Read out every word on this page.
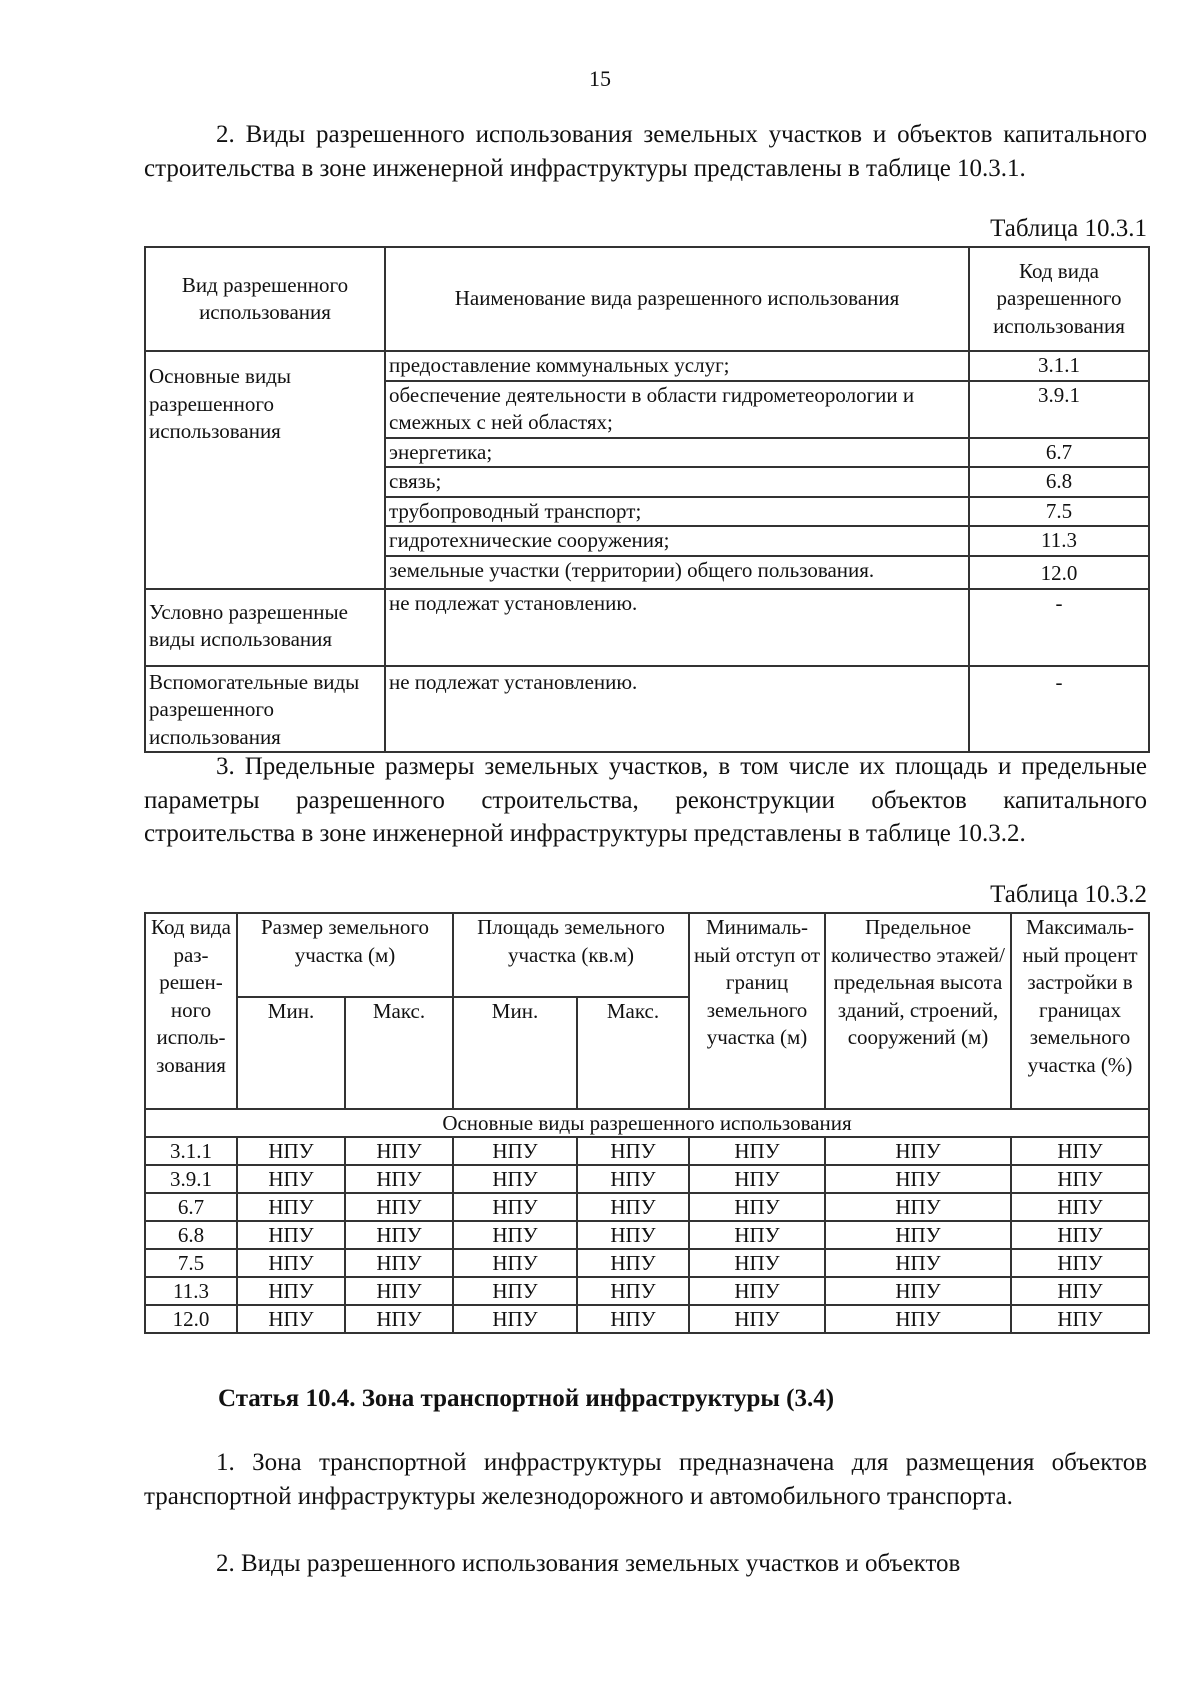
15

2. Виды разрешенного использования земельных участков и объектов капитального строительства в зоне инженерной инфраструктуры представлены в таблице 10.3.1.

Таблица 10.3.1
Вид разрешенного использования	Наименование вида разрешенного использования	Код вида разрешенного использования
Основные виды разрешенного использования	предоставление коммунальных услуг;	3.1.1
	обеспечение деятельности в области гидрометеорологии и смежных с ней областях;	3.9.1
	энергетика;	6.7
	связь;	6.8
	трубопроводный транспорт;	7.5
	гидротехнические сооружения;	11.3
	земельные участки (территории) общего пользования.	12.0
Условно разрешенные виды использования	не подлежат установлению.	-
Вспомогательные виды разрешенного использования	не подлежат установлению.	-

3. Предельные размеры земельных участков, в том числе их площадь и предельные параметры разрешенного строительства, реконструкции объектов капитального строительства в зоне инженерной инфраструктуры представлены в таблице 10.3.2.

Таблица 10.3.2
Код вида раз-решен-ного исполь-зования	Размер земельного участка (м)		Площадь земельного участка (кв.м)		Минималь-ный отступ от границ земельного участка (м)	Предельное количество этажей/ предельная высота зданий, строений, сооружений (м)	Максималь-ный процент застройки в границах земельного участка (%)
	Мин.	Макс.	Мин.	Макс.			
Основные виды разрешенного использования							
3.1.1	НПУ	НПУ	НПУ	НПУ	НПУ	НПУ	НПУ
3.9.1	НПУ	НПУ	НПУ	НПУ	НПУ	НПУ	НПУ
6.7	НПУ	НПУ	НПУ	НПУ	НПУ	НПУ	НПУ
6.8	НПУ	НПУ	НПУ	НПУ	НПУ	НПУ	НПУ
7.5	НПУ	НПУ	НПУ	НПУ	НПУ	НПУ	НПУ
11.3	НПУ	НПУ	НПУ	НПУ	НПУ	НПУ	НПУ
12.0	НПУ	НПУ	НПУ	НПУ	НПУ	НПУ	НПУ
Статья 10.4. Зона транспортной инфраструктуры (3.4)

1. Зона транспортной инфраструктуры предназначена для размещения объектов транспортной инфраструктуры железнодорожного и автомобильного транспорта.

2. Виды разрешенного использования земельных участков и объектов
